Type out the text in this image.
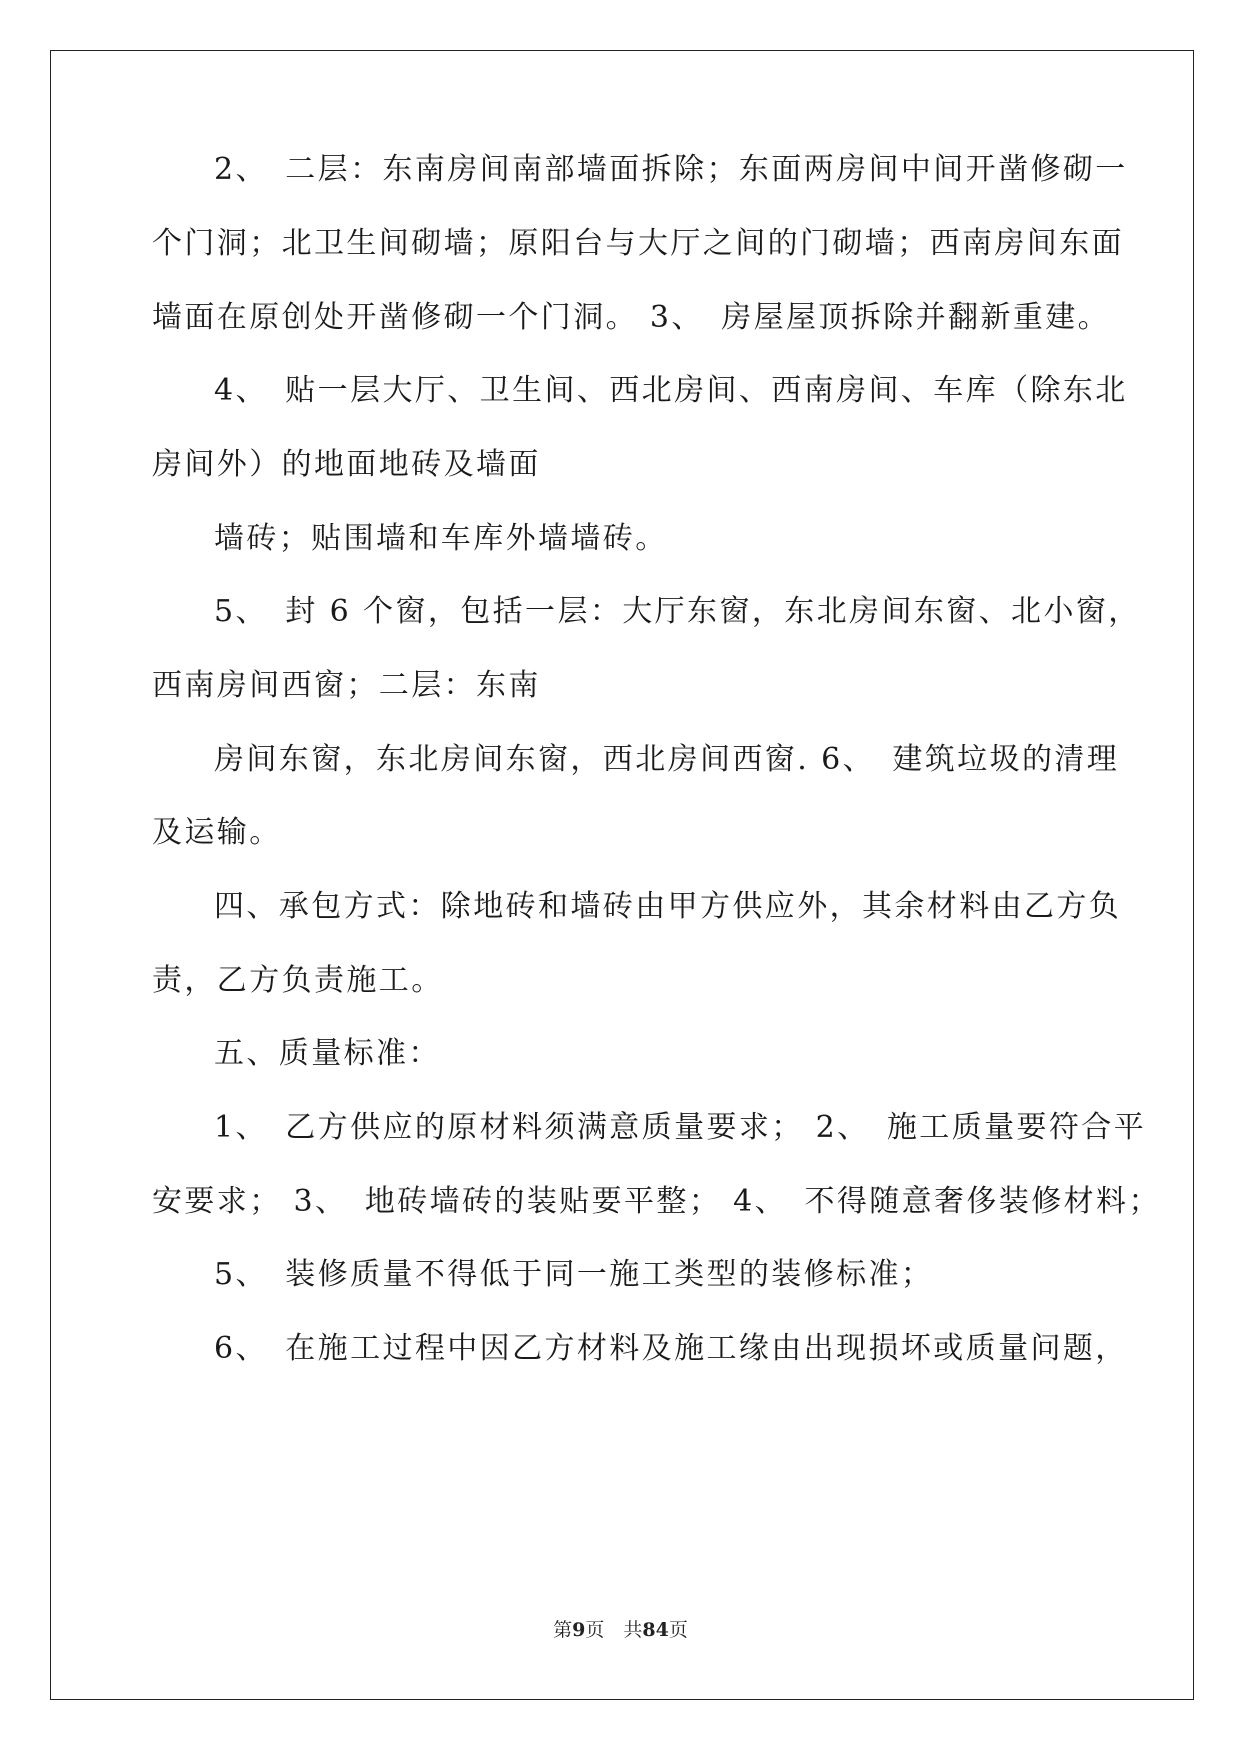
2、　二层：东南房间南部墙面拆除；东面两房间中间开凿修砌一
个门洞；北卫生间砌墙；原阳台与大厅之间的门砌墙；西南房间东面
墙面在原创处开凿修砌一个门洞。 3、　房屋屋顶拆除并翻新重建。
4、　贴一层大厅、卫生间、西北房间、西南房间、车库（除东北
房间外）的地面地砖及墙面
墙砖；贴围墙和车库外墙墙砖。
5、　封 6 个窗，包括一层：大厅东窗，东北房间东窗、北小窗，
西南房间西窗；二层：东南
房间东窗，东北房间东窗，西北房间西窗. 6、　建筑垃圾的清理
及运输。
四、承包方式：除地砖和墙砖由甲方供应外，其余材料由乙方负
责，乙方负责施工。
五、质量标准：
1、　乙方供应的原材料须满意质量要求； 2、　施工质量要符合平
安要求； 3、　地砖墙砖的装贴要平整； 4、　不得随意奢侈装修材料；
5、　装修质量不得低于同一施工类型的装修标准；
6、　在施工过程中因乙方材料及施工缘由出现损坏或质量问题，
第9页　共84页
